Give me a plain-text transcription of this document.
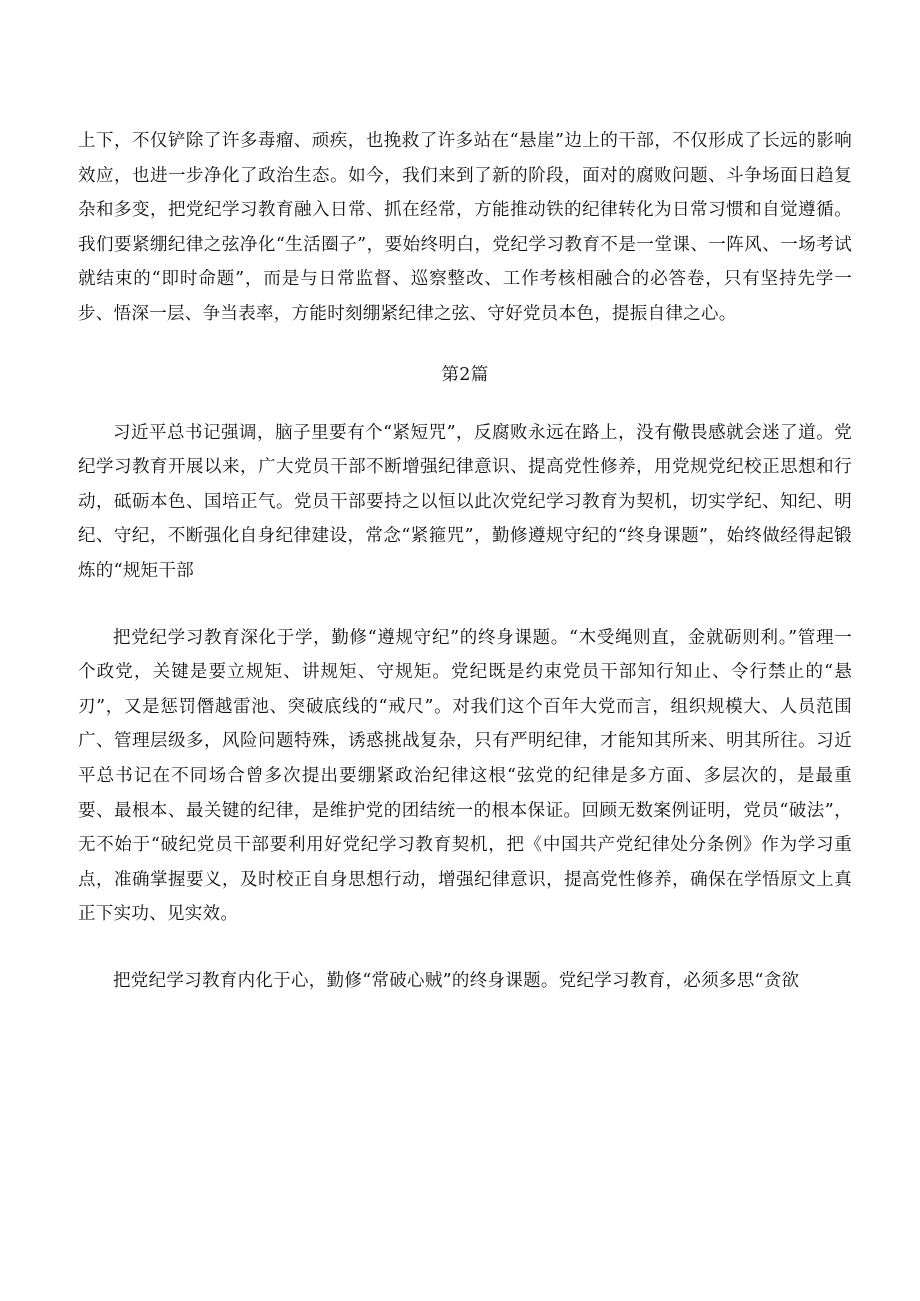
上下，不仅铲除了许多毒瘤、顽疾，也挽救了许多站在“悬崖”边上的干部，不仅形成了长远的影响效应，也进一步净化了政治生态。如今，我们来到了新的阶段，面对的腐败问题、斗争场面日趋复杂和多变，把党纪学习教育融入日常、抓在经常，方能推动铁的纪律转化为日常习惯和自觉遵循。我们要紧绷纪律之弦净化“生活圈子”，要始终明白，党纪学习教育不是一堂课、一阵风、一场考试就结束的“即时命题”，而是与日常监督、巡察整改、工作考核相融合的必答卷，只有坚持先学一步、悟深一层、争当表率，方能时刻绷紧纪律之弦、守好党员本色，提振自律之心。

第2篇

习近平总书记强调，脑子里要有个“紧短咒”，反腐败永远在路上，没有儆畏感就会迷了道。党纪学习教育开展以来，广大党员干部不断增强纪律意识、提高党性修养，用党规党纪校正思想和行动，砥砺本色、国培正气。党员干部要持之以恒以此次党纪学习教育为契机，切实学纪、知纪、明纪、守纪，不断强化自身纪律建设，常念“紧箍咒”，勤修遵规守纪的“终身课题”，始终做经得起锻炼的“规矩干部

把党纪学习教育深化于学，勤修“遵规守纪”的终身课题。“木受绳则直，金就砺则利。”管理一个政党，关键是要立规矩、讲规矩、守规矩。党纪既是约束党员干部知行知止、令行禁止的“悬刃”，又是惩罚僭越雷池、突破底线的“戒尺”。对我们这个百年大党而言，组织规模大、人员范围广、管理层级多，风险问题特殊，诱惑挑战复杂，只有严明纪律，才能知其所来、明其所往。习近平总书记在不同场合曾多次提出要绷紧政治纪律这根“弦党的纪律是多方面、多层次的，是最重要、最根本、最关键的纪律，是维护党的团结统一的根本保证。回顾无数案例证明，党员“破法”，无不始于“破纪党员干部要利用好党纪学习教育契机，把《中国共产党纪律处分条例》作为学习重点，准确掌握要义，及时校正自身思想行动，增强纪律意识，提高党性修养，确保在学悟原文上真正下实功、见实效。

把党纪学习教育内化于心，勤修“常破心贼”的终身课题。党纪学习教育，必须多思“贪欲
